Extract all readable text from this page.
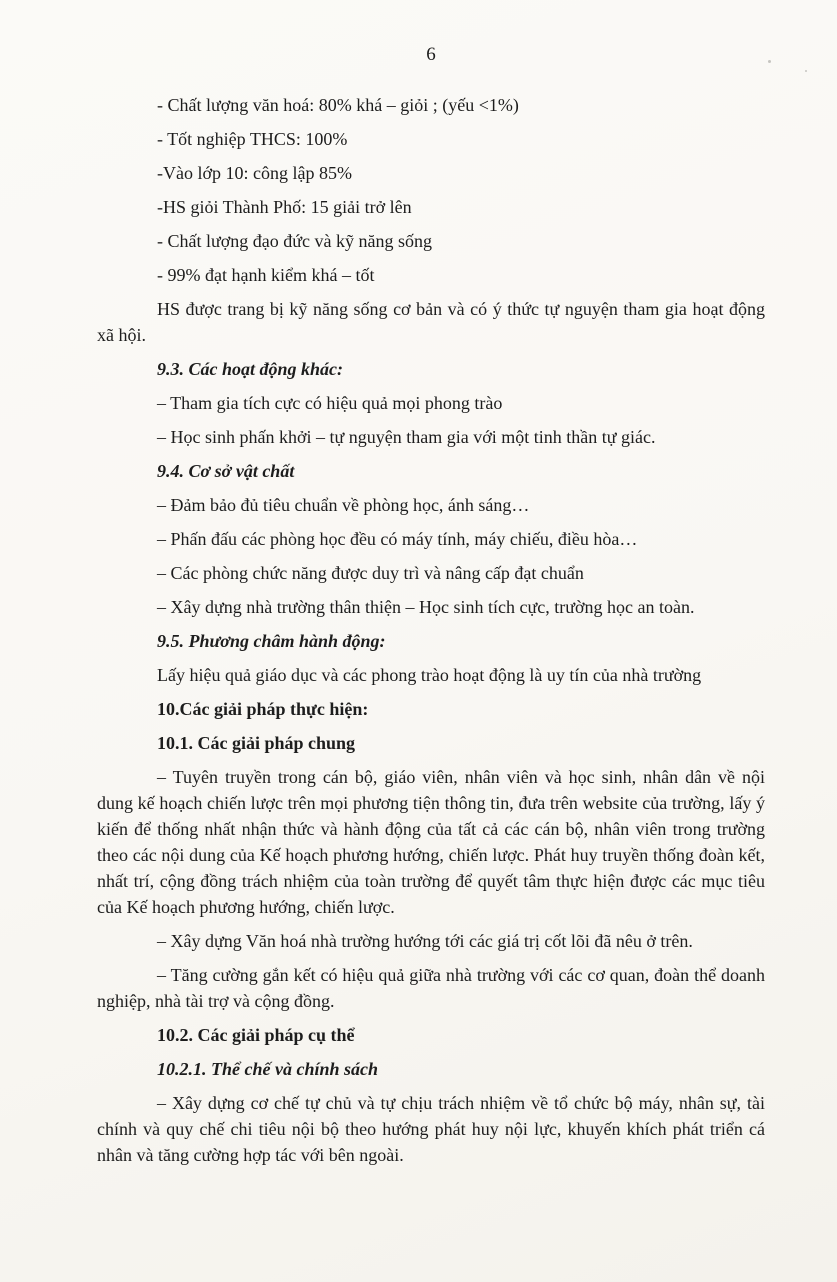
6
- Chất lượng văn hoá: 80% khá – giỏi ; (yếu <1%)
- Tốt nghiệp THCS: 100%
-Vào lớp 10: công lập 85%
-HS giỏi Thành Phố: 15 giải trở lên
- Chất lượng đạo đức và kỹ năng sống
- 99% đạt hạnh kiểm khá – tốt
HS được trang bị kỹ năng sống cơ bản và có ý thức tự nguyện tham gia hoạt động xã hội.
9.3. Các hoạt động khác:
– Tham gia tích cực có hiệu quả mọi phong trào
– Học sinh phấn khởi – tự nguyện tham gia với một tinh thần tự giác.
9.4. Cơ sở vật chất
– Đảm bảo đủ tiêu chuẩn về phòng học, ánh sáng…
– Phấn đấu các phòng học đều có máy tính, máy chiếu, điều hòa…
– Các phòng chức năng được duy trì và nâng cấp đạt chuẩn
– Xây dựng nhà trường thân thiện – Học sinh tích cực, trường học an toàn.
9.5. Phương châm hành động:
Lấy hiệu quả giáo dục và các phong trào hoạt động là uy tín của nhà trường
10.Các giải pháp thực hiện:
10.1. Các giải pháp chung
– Tuyên truyền trong cán bộ, giáo viên, nhân viên và học sinh, nhân dân về nội dung kế hoạch chiến lược trên mọi phương tiện thông tin, đưa trên website của trường, lấy ý kiến để thống nhất nhận thức và hành động của tất cả các cán bộ, nhân viên trong trường theo các nội dung của Kế hoạch phương hướng, chiến lược. Phát huy truyền thống đoàn kết, nhất trí, cộng đồng trách nhiệm của toàn trường để quyết tâm thực hiện được các mục tiêu của Kế hoạch phương hướng, chiến lược.
– Xây dựng Văn hoá nhà trường hướng tới các giá trị cốt lõi đã nêu ở trên.
– Tăng cường gắn kết có hiệu quả giữa nhà trường với các cơ quan, đoàn thể doanh nghiệp, nhà tài trợ và cộng đồng.
10.2. Các giải pháp cụ thể
10.2.1. Thể chế và chính sách
– Xây dựng cơ chế tự chủ và tự chịu trách nhiệm về tổ chức bộ máy, nhân sự, tài chính và quy chế chi tiêu nội bộ theo hướng phát huy nội lực, khuyến khích phát triển cá nhân và tăng cường hợp tác với bên ngoài.
